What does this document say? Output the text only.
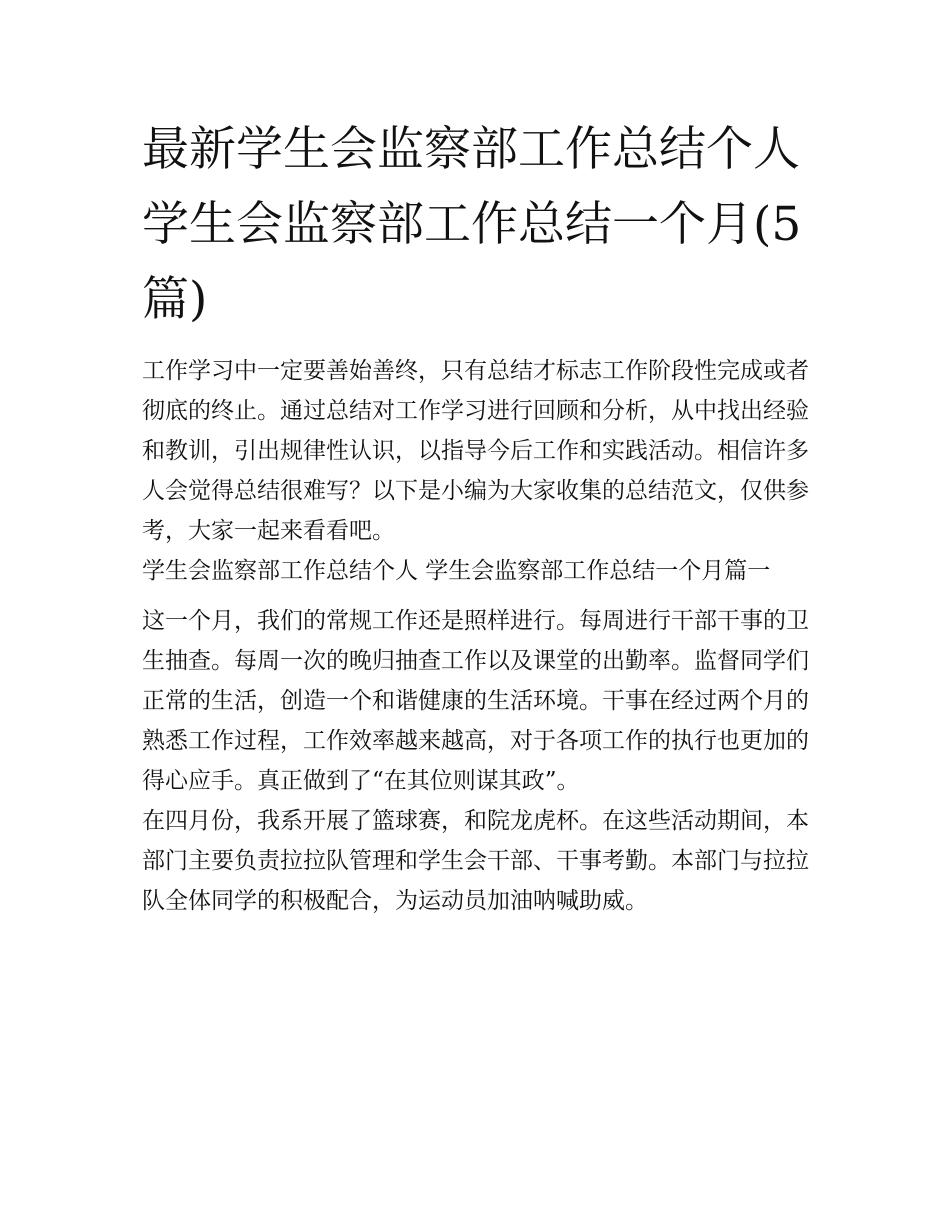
最新学生会监察部工作总结个人 学生会监察部工作总结一个月(5篇)

工作学习中一定要善始善终，只有总结才标志工作阶段性完成或者彻底的终止。通过总结对工作学习进行回顾和分析，从中找出经验和教训，引出规律性认识，以指导今后工作和实践活动。相信许多人会觉得总结很难写？以下是小编为大家收集的总结范文，仅供参考，大家一起来看看吧。

学生会监察部工作总结个人 学生会监察部工作总结一个月篇一

这一个月，我们的常规工作还是照样进行。每周进行干部干事的卫生抽查。每周一次的晚归抽查工作以及课堂的出勤率。监督同学们正常的生活，创造一个和谐健康的生活环境。干事在经过两个月的熟悉工作过程，工作效率越来越高，对于各项工作的执行也更加的得心应手。真正做到了“在其位则谋其政”。

在四月份，我系开展了篮球赛，和院龙虎杯。在这些活动期间，本部门主要负责拉拉队管理和学生会干部、干事考勤。本部门与拉拉队全体同学的积极配合，为运动员加油呐喊助威。
